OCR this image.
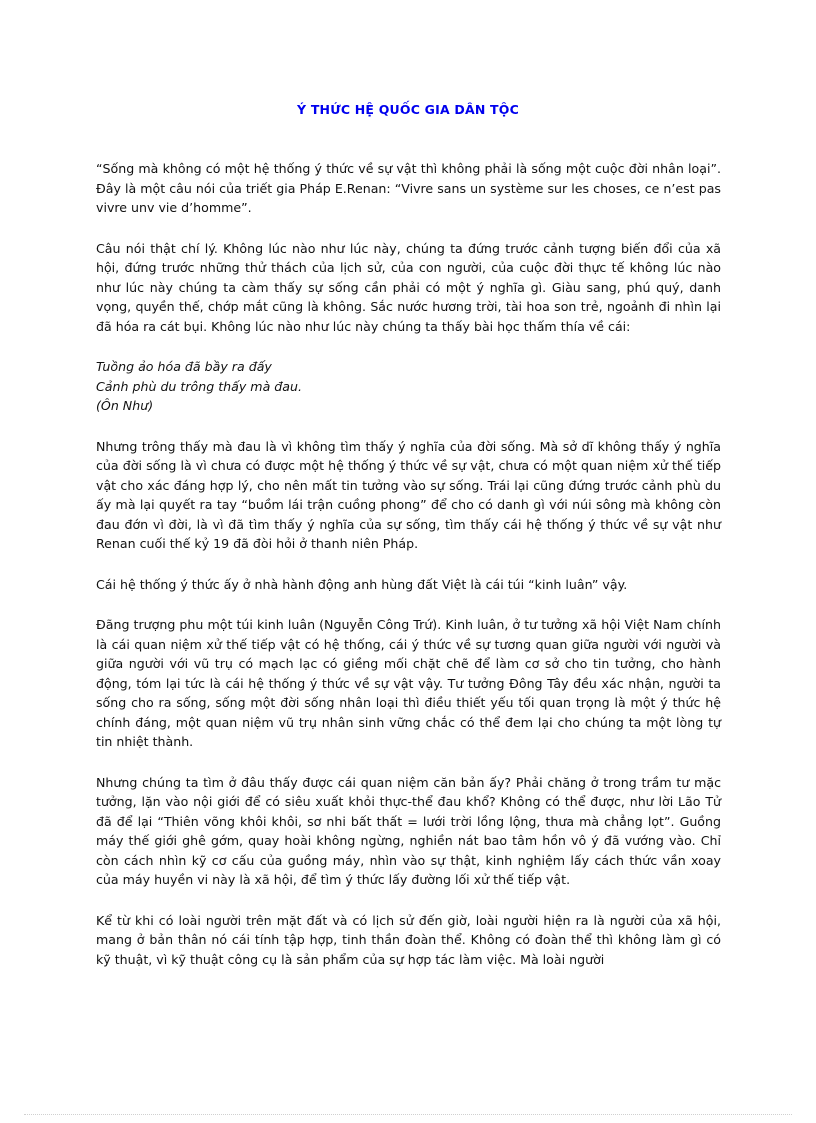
Ý THỨC HỆ QUỐC GIA DÂN TỘC

“Sống mà không có một hệ thống ý thức về sự vật thì không phải là sống một cuộc đời nhân loại”. Đây là một câu nói của triết gia Pháp E.Renan: “Vivre sans un système sur les choses, ce n’est pas vivre unv vie d’homme”.

Câu nói thật chí lý. Không lúc nào như lúc này, chúng ta đứng trước cảnh tượng biến đổi của xã hội, đứng trước những thử thách của lịch sử, của con người, của cuộc đời thực tế không lúc nào như lúc này chúng ta càm thấy sự sống cần phải có một ý nghĩa gì. Giàu sang, phú quý, danh vọng, quyền thế, chớp mắt cũng là không. Sắc nước hương trời, tài hoa son trẻ, ngoảnh đi nhìn lại đã hóa ra cát bụi. Không lúc nào như lúc này chúng ta thấy bài học thấm thía về cái:

Tuồng ảo hóa đã bầy ra đấy
Cảnh phù du trông thấy mà đau.
(Ôn Như)

Nhưng trông thấy mà đau là vì không tìm thấy ý nghĩa của đời sống. Mà sở dĩ không thấy ý nghĩa của đời sống là vì chưa có được một hệ thống ý thức về sự vật, chưa có một quan niệm xử thế tiếp vật cho xác đáng hợp lý, cho nên mất tin tưởng vào sự sống. Trái lại cũng đứng trước cảnh phù du ấy mà lại quyết ra tay “buồm lái trận cuồng phong” để cho có danh gì với núi sông mà không còn đau đớn vì đời, là vì đã tìm thấy ý nghĩa của sự sống, tìm thấy cái hệ thống ý thức về sự vật như Renan cuối thế kỷ 19 đã đòi hỏi ở thanh niên Pháp.

Cái hệ thống ý thức ấy ở nhà hành động anh hùng đất Việt là cái túi “kinh luân” vậy.

Đãng trượng phu một túi kinh luân (Nguyễn Công Trứ). Kinh luân, ở tư tưởng xã hội Việt Nam chính là cái quan niệm xử thế tiếp vật có hệ thống, cái ý thức về sự tương quan giữa người với người và giữa người với vũ trụ có mạch lạc có giềng mối chặt chẽ để làm cơ sở cho tin tưởng, cho hành động, tóm lại tức là cái hệ thống ý thức về sự vật vậy. Tư tưởng Đông Tây đều xác nhận, người ta sống cho ra sống, sống một đời sống nhân loại thì điều thiết yếu tối quan trọng là một ý thức hệ chính đáng, một quan niệm vũ trụ nhân sinh vững chắc có thể đem lại cho chúng ta một lòng tự tin nhiệt thành.

Nhưng chúng ta tìm ở đâu thấy được cái quan niệm căn bản ấy? Phải chăng ở trong trầm tư mặc tưởng, lặn vào nội giới để có siêu xuất khỏi thực-thể đau khổ? Không có thể được, như lời Lão Tử đã để lại “Thiên võng khôi khôi, sơ nhi bất thất = lưới trời lồng lộng, thưa mà chẳng lọt”. Guồng máy thế giới ghê gớm, quay hoài không ngừng, nghiền nát bao tâm hồn vô ý đã vướng vào. Chỉ còn cách nhìn kỹ cơ cấu của guồng máy, nhìn vào sự thật, kinh nghiệm lấy cách thức vần xoay của máy huyền vi này là xã hội, để tìm ý thức lấy đường lối xử thế tiếp vật.

Kể từ khi có loài người trên mặt đất và có lịch sử đến giờ, loài người hiện ra là người của xã hội, mang ở bản thân nó cái tính tập hợp, tinh thần đoàn thể. Không có đoàn thể thì không làm gì có kỹ thuật, vì kỹ thuật công cụ là sản phẩm của sự hợp tác làm việc. Mà loài người
